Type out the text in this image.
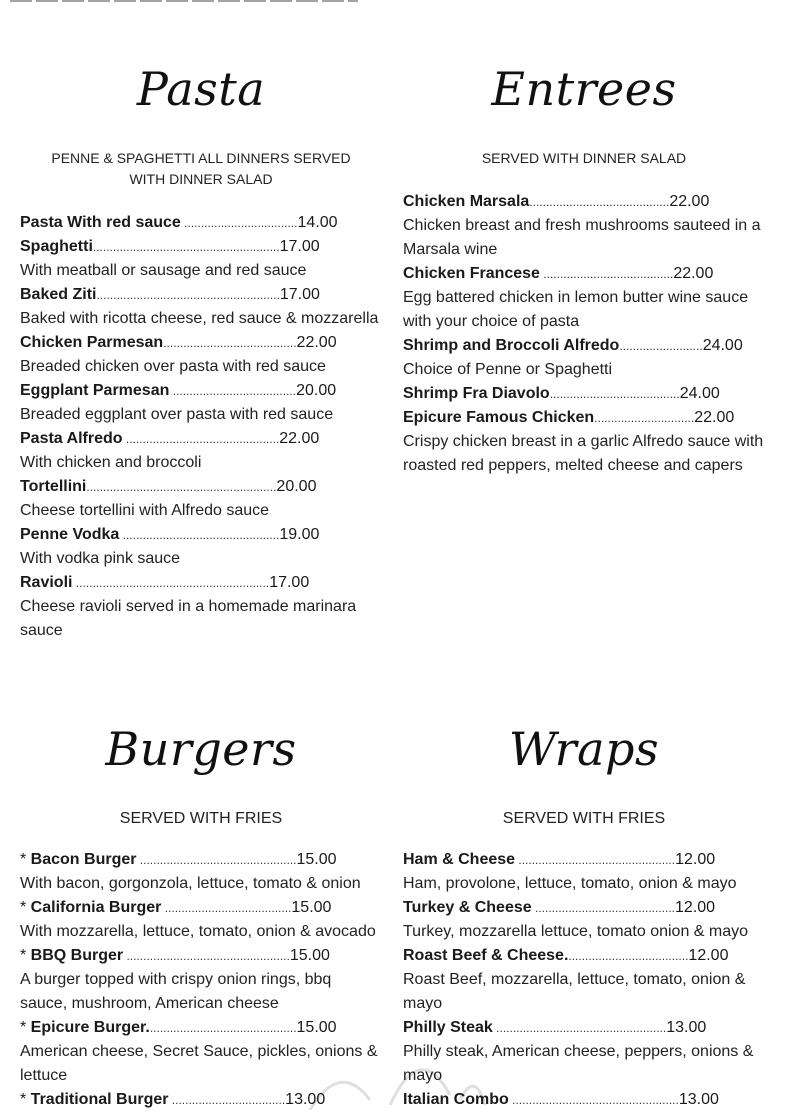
Pasta
PENNE & SPAGHETTI ALL DINNERS SERVED WITH DINNER SALAD
Pasta With red sauce .................................. 14.00
Spaghetti ........................................................ 17.00
With meatball or sausage and red sauce
Baked Ziti ....................................................... 17.00
Baked with ricotta cheese, red sauce & mozzarella
Chicken Parmesan ........................................ 22.00
Breaded chicken over pasta with red sauce
Eggplant Parmesan ..................................... 20.00
Breaded eggplant over pasta with red sauce
Pasta Alfredo .............................................. 22.00
With chicken and broccoli
Tortellini ......................................................... 20.00
Cheese tortellini with Alfredo sauce
Penne Vodka ............................................... 19.00
With vodka pink sauce
Ravioli .......................................................... 17.00
Cheese ravioli served in a homemade marinara sauce
Entrees
SERVED WITH DINNER SALAD
Chicken Marsala .......................................... 22.00
Chicken breast and fresh mushrooms sauteed in a Marsala wine
Chicken Francese ....................................... 22.00
Egg battered chicken in lemon butter wine sauce with your choice of pasta
Shrimp and Broccoli Alfredo ......................... 24.00
Choice of Penne or Spaghetti
Shrimp Fra Diavolo ....................................... 24.00
Epicure Famous Chicken .............................. 22.00
Crispy chicken breast in a garlic Alfredo sauce with roasted red peppers, melted cheese and capers
Burgers
SERVED WITH FRIES
* Bacon Burger ............................................... 15.00
With bacon, gorgonzola, lettuce, tomato & onion
* California Burger ...................................... 15.00
With mozzarella, lettuce, tomato, onion & avocado
* BBQ Burger ................................................. 15.00
A burger topped with crispy onion rings, bbq sauce, mushroom, American cheese
* Epicure Burger. ............................................ 15.00
American cheese, Secret Sauce, pickles, onions & lettuce
* Traditional Burger .................................. 13.00
Wraps
SERVED WITH FRIES
Ham & Cheese ............................................... 12.00
Ham, provolone, lettuce, tomato, onion & mayo
Turkey & Cheese .......................................... 12.00
Turkey, mozzarella lettuce, tomato onion & mayo
Roast Beef & Cheese. .................................... 12.00
Roast Beef, mozzarella, lettuce, tomato, onion & mayo
Philly Steak ................................................... 13.00
Philly steak, American cheese, peppers, onions & mayo
Italian Combo .................................................. 13.00
